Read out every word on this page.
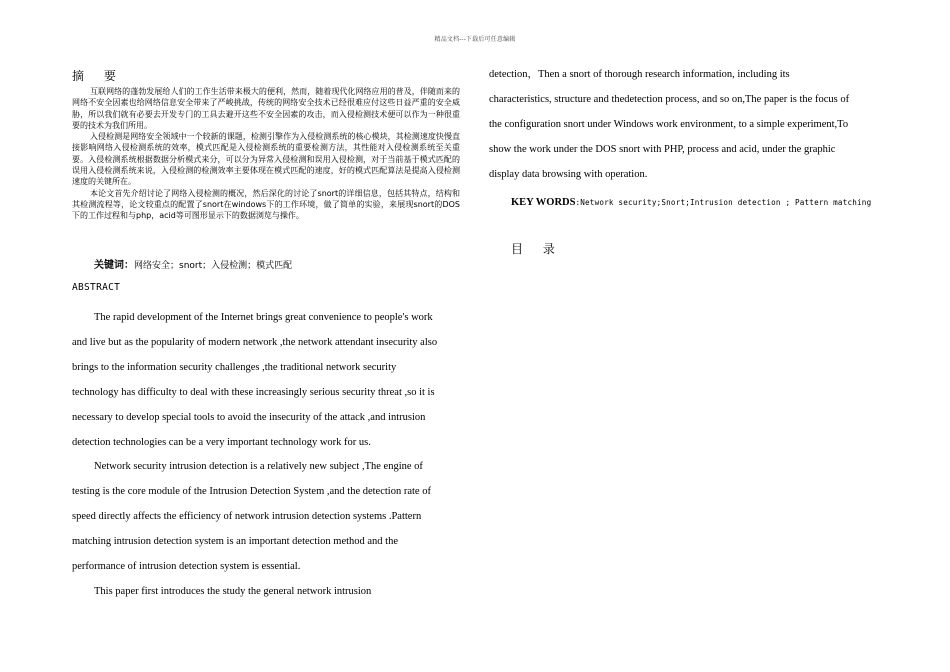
精品文档---下载后可任意编辑
摘 要

互联网络的蓬勃发展给人们的工作生活带来极大的便利，然而，随着现代化网络应用的普及，伴随而来的网络不安全因素也给网络信息安全带来了严峻挑战，传统的网络安全技术已经很难应付这些日益严重的安全威胁，所以我们就有必要去开发专门的工具去避开这些不安全因素的攻击，而入侵检测技术便可以作为一种很重要的技术为我们所用。

入侵检测是网络安全领域中一个较新的课题，检测引擎作为入侵检测系统的核心模块，其检测速度快慢直接影响网络入侵检测系统的效率，模式匹配是入侵检测系统的重要检测方法，其性能对入侵检测系统至关重要。入侵检测系统根据数据分析模式来分，可以分为异常入侵检测和误用入侵检测，对于当前基于模式匹配的误用入侵检测系统来说，入侵检测的检测效率主要体现在模式匹配的速度，好的模式匹配算法是提高入侵检测速度的关键所在。

本论文首先介绍讨论了网络入侵检测的概况，然后深化的讨论了snort的详细信息，包括其特点，结构和其检测流程等，论文较重点的配置了snort在windows下的工作环境，做了简单的实验，来展现snort的DOS下的工作过程和与php，acid等可图形显示下的数据浏览与操作。

关键词：网络安全；snort；入侵检测；模式匹配
ABSTRACT

The rapid development of the Internet brings great convenience to people's work
and live but as the popularity of modern network ,the network attendant insecurity also
brings to the information security challenges ,the traditional network security
technology has difficulty to deal with these increasingly serious security threat ,so it is
necessary to develop special tools to avoid the insecurity of the attack ,and intrusion
detection technologies can be a very important technology work for us.

Network security intrusion detection is a relatively new subject ,The engine of
testing is the core module of the Intrusion Detection System ,and the detection rate of
speed directly affects the efficiency of network intrusion detection systems .Pattern
matching intrusion detection system is an important detection method and the
performance of intrusion detection system is essential.

This paper first introduces the study the general network intrusion

detection，Then a snort of thorough research information, including its
characteristics, structure and thedetection process, and so on,The paper is the focus of
the configuration snort under Windows work environment, to a simple experiment,To
show the work under the DOS snort with PHP, process and acid, under the graphic
display data browsing with operation.
KEY WORDS:Network security;Snort;Intrusion detection ; Pattern matching
目 录
